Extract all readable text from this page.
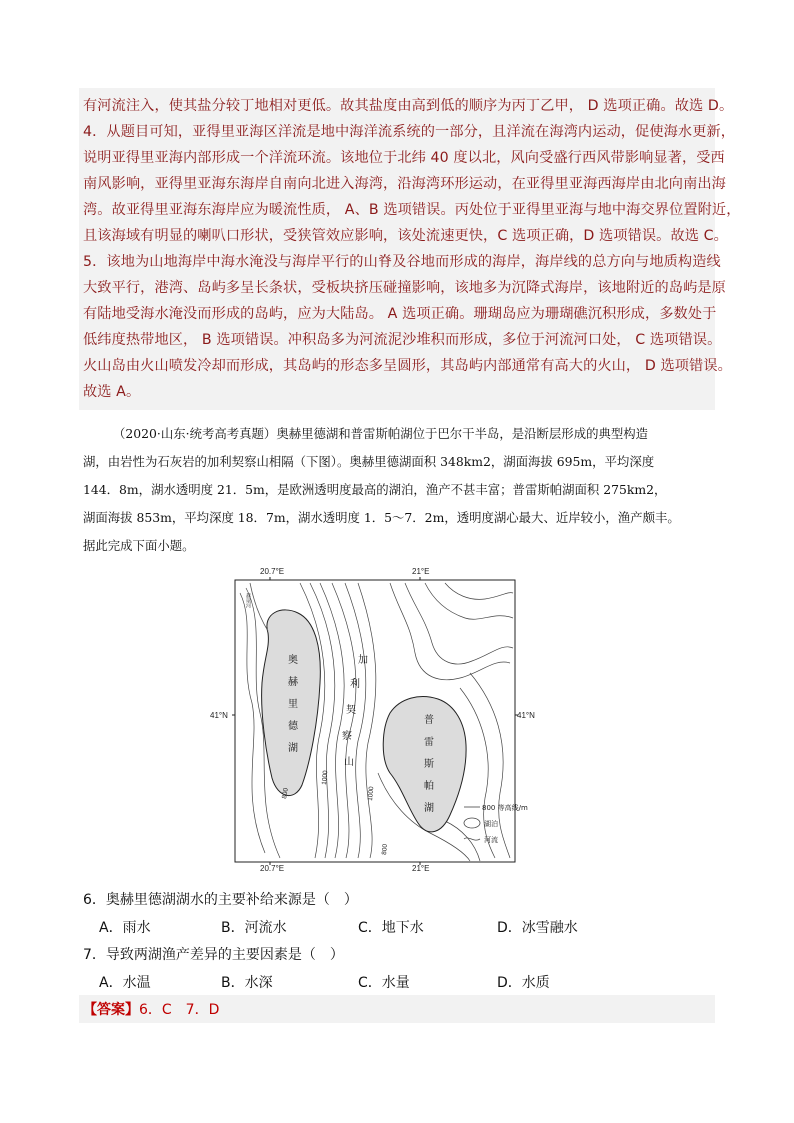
有河流注入，使其盐分较丁地相对更低。故其盐度由高到低的顺序为丙丁乙甲， D 选项正确。故选 D。
4．从题目可知，亚得里亚海区洋流是地中海洋流系统的一部分，且洋流在海湾内运动，促使海水更新，
说明亚得里亚海内部形成一个洋流环流。该地位于北纬 40 度以北，风向受盛行西风带影响显著，受西
南风影响，亚得里亚海东海岸自南向北进入海湾，沿海湾环形运动，在亚得里亚海西海岸由北向南出海
湾。故亚得里亚海东海岸应为暖流性质， A、B 选项错误。丙处位于亚得里亚海与地中海交界位置附近，
且该海域有明显的喇叭口形状，受狭管效应影响，该处流速更快，C 选项正确，D 选项错误。故选 C。
5．该地为山地海岸中海水淹没与海岸平行的山脊及谷地而形成的海岸，海岸线的总方向与地质构造线
大致平行，港湾、岛屿多呈长条状，受板块挤压碰撞影响，该地多为沉降式海岸，该地附近的岛屿是原
有陆地受海水淹没而形成的岛屿，应为大陆岛。 A 选项正确。珊瑚岛应为珊瑚礁沉积形成，多数处于
低纬度热带地区， B 选项错误。冲积岛多为河流泥沙堆积而形成，多位于河流河口处， C 选项错误。
火山岛由火山喷发冷却而形成，其岛屿的形态多呈圆形，其岛屿内部通常有高大的火山， D 选项错误。
故选 A。
（2020·山东·统考高考真题）奥赫里德湖和普雷斯帕湖位于巴尔干半岛，是沿断层形成的典型构造
湖，由岩性为石灰岩的加利契察山相隔（下图）。奥赫里德湖面积 348km2，湖面海拔 695m，平均深度
144．8m，湖水透明度 21．5m，是欧洲透明度最高的湖泊，渔产不甚丰富；普雷斯帕湖面积 275km2，
湖面海拔 853m，平均深度 18．7m，湖水透明度 1．5～7．2m，透明度湖心最大、近岸较小，渔产颇丰。
据此完成下面小题。
20.7°E	21°E
20.7°E	21°E
41°N	41°N
赫瑞河
奥
赫
里
德
湖
普
雷
斯
帕
湖
加
利
契
察
山
800
1000
1000
800
800 等高线/m
湖泊
河流
6．奥赫里德湖湖水的主要补给来源是（　）
A．雨水	B．河流水	C．地下水	D．冰雪融水
7．导致两湖渔产差异的主要因素是（　）
A．水温	B．水深	C．水量	D．水质
【答案】6．C　7．D
